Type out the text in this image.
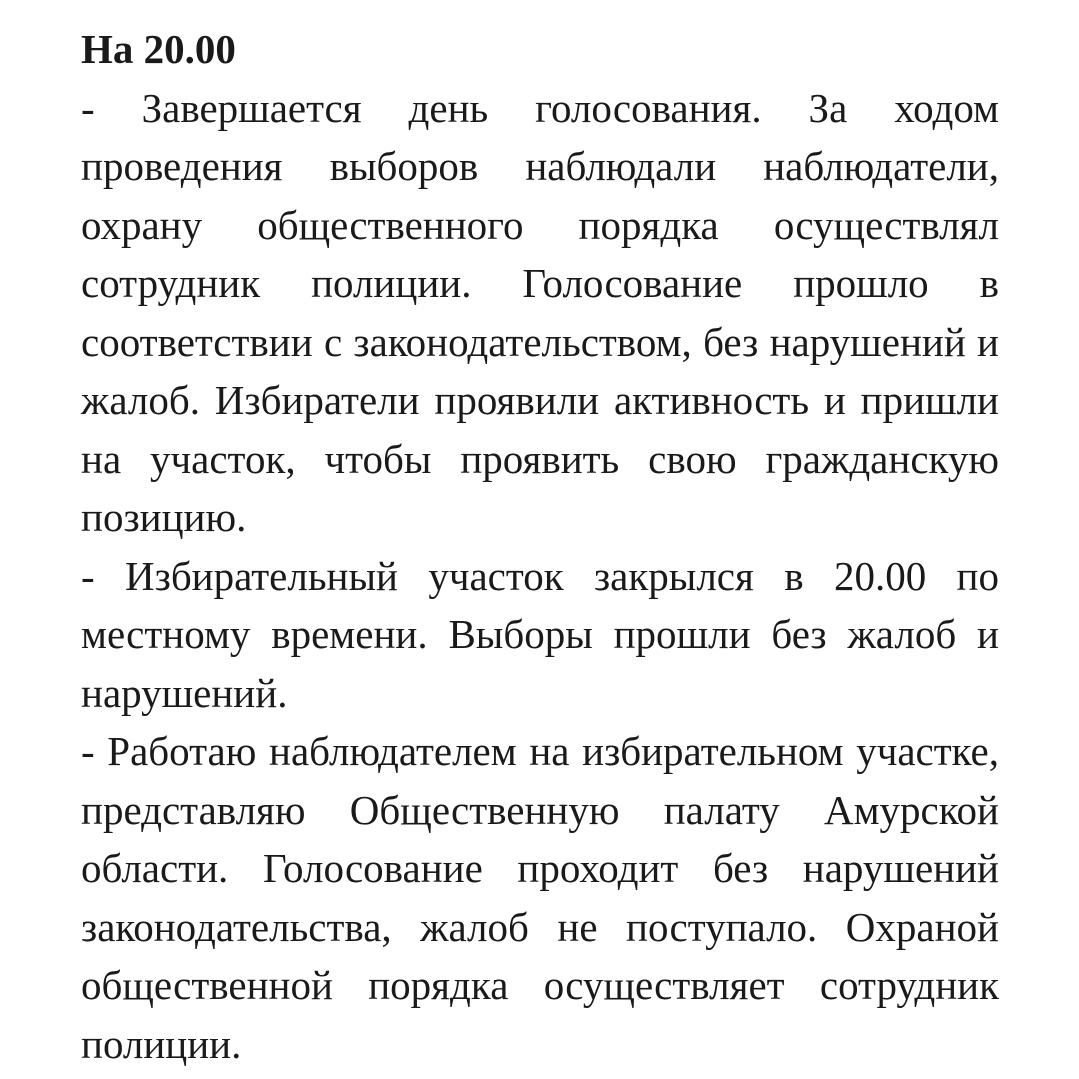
На 20.00

- Завершается день голосования. За ходом проведения выборов наблюдали наблюдатели, охрану общественного порядка осуществлял сотрудник полиции. Голосование прошло в соответствии с законодательством, без нарушений и жалоб. Избиратели проявили активность и пришли на участок, чтобы проявить свою гражданскую позицию.

- Избирательный участок закрылся в 20.00 по местному времени. Выборы прошли без жалоб и нарушений.

- Работаю наблюдателем на избирательном участке, представляю Общественную палату Амурской области. Голосование проходит без нарушений законодательства, жалоб не поступало. Охраной общественной порядка осуществляет сотрудник полиции.
